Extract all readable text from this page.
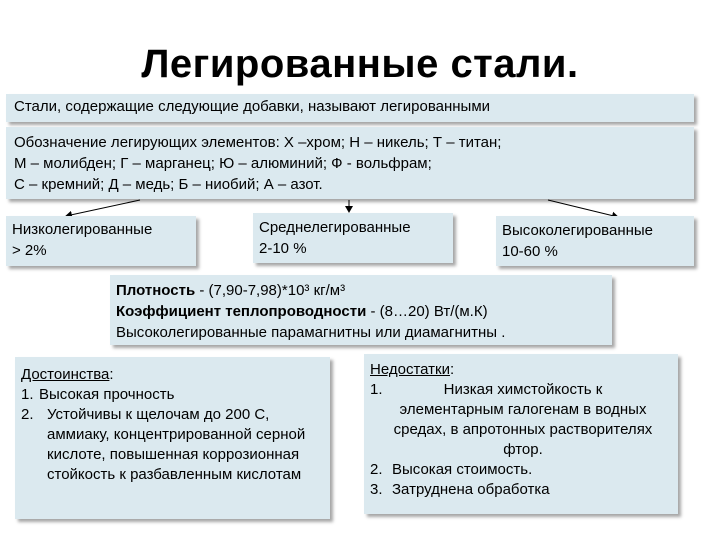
Легированные стали.
Стали, содержащие следующие добавки, называют легированными
Обозначение легирующих элементов: Х –хром; Н – никель; Т – титан;
М – молибден; Г – марганец; Ю – алюминий; Ф - вольфрам;
С – кремний; Д – медь; Б – ниобий; А – азот.
Низколегированные
> 2%
Среднелегированные
2-10 %
Высоколегированные
10-60 %
Плотность - (7,90-7,98)*10³ кг/м³
Коэффициент теплопроводности - (8…20) Вт/(м.К)
Высоколегированные парамагнитны или диамагнитны .
Достоинства:
1. Высокая прочность
2. Устойчивы к щелочам до 200 С, аммиаку, концентрированной серной кислоте, повышенная коррозионная стойкость к разбавленным кислотам
Недостатки:
1.	Низкая химстойкость к элементарным галогенам в водных средах, в апротонных растворителях фтор.
2. Высокая стоимость.
3. Затруднена обработка
